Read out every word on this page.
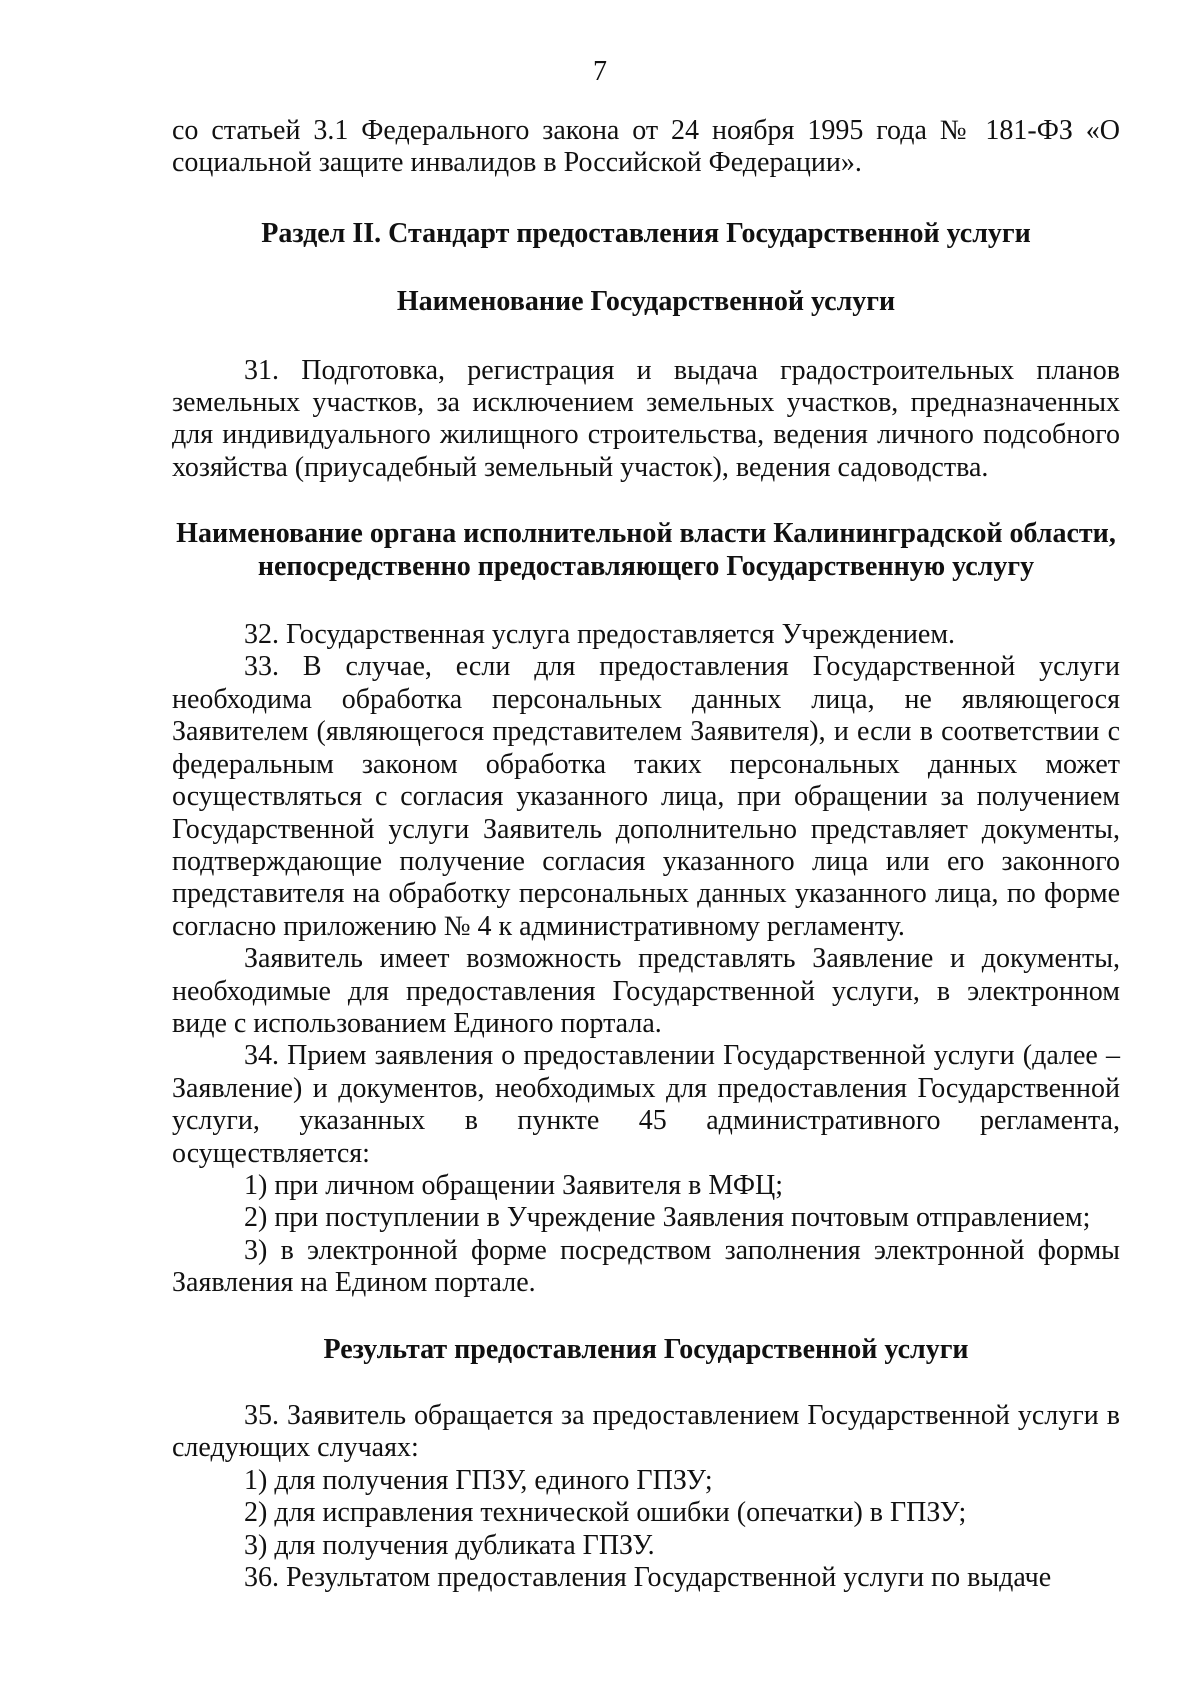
7

со статьей 3.1 Федерального закона от 24 ноября 1995 года № 181-ФЗ «О социальной защите инвалидов в Российской Федерации».

Раздел II. Стандарт предоставления Государственной услуги
Наименование Государственной услуги

31. Подготовка, регистрация и выдача градостроительных планов земельных участков, за исключением земельных участков, предназначенных для индивидуального жилищного строительства, ведения личного подсобного хозяйства (приусадебный земельный участок), ведения садоводства.

Наименование органа исполнительной власти Калининградской области, непосредственно предоставляющего Государственную услугу

32. Государственная услуга предоставляется Учреждением.

33. В случае, если для предоставления Государственной услуги необходима обработка персональных данных лица, не являющегося Заявителем (являющегося представителем Заявителя), и если в соответствии с федеральным законом обработка таких персональных данных может осуществляться с согласия указанного лица, при обращении за получением Государственной услуги Заявитель дополнительно представляет документы, подтверждающие получение согласия указанного лица или его законного представителя на обработку персональных данных указанного лица, по форме согласно приложению № 4 к административному регламенту.

Заявитель имеет возможность представлять Заявление и документы, необходимые для предоставления Государственной услуги, в электронном виде с использованием Единого портала.

34. Прием заявления о предоставлении Государственной услуги (далее – Заявление) и документов, необходимых для предоставления Государственной услуги, указанных в пункте 45 административного регламента, осуществляется:

1) при личном обращении Заявителя в МФЦ;

2) при поступлении в Учреждение Заявления почтовым отправлением;

3) в электронной форме посредством заполнения электронной формы Заявления на Едином портале.

Результат предоставления Государственной услуги

35. Заявитель обращается за предоставлением Государственной услуги в следующих случаях:

1) для получения ГПЗУ, единого ГПЗУ;

2) для исправления технической ошибки (опечатки) в ГПЗУ;

3) для получения дубликата ГПЗУ.

36. Результатом предоставления Государственной услуги по выдаче
